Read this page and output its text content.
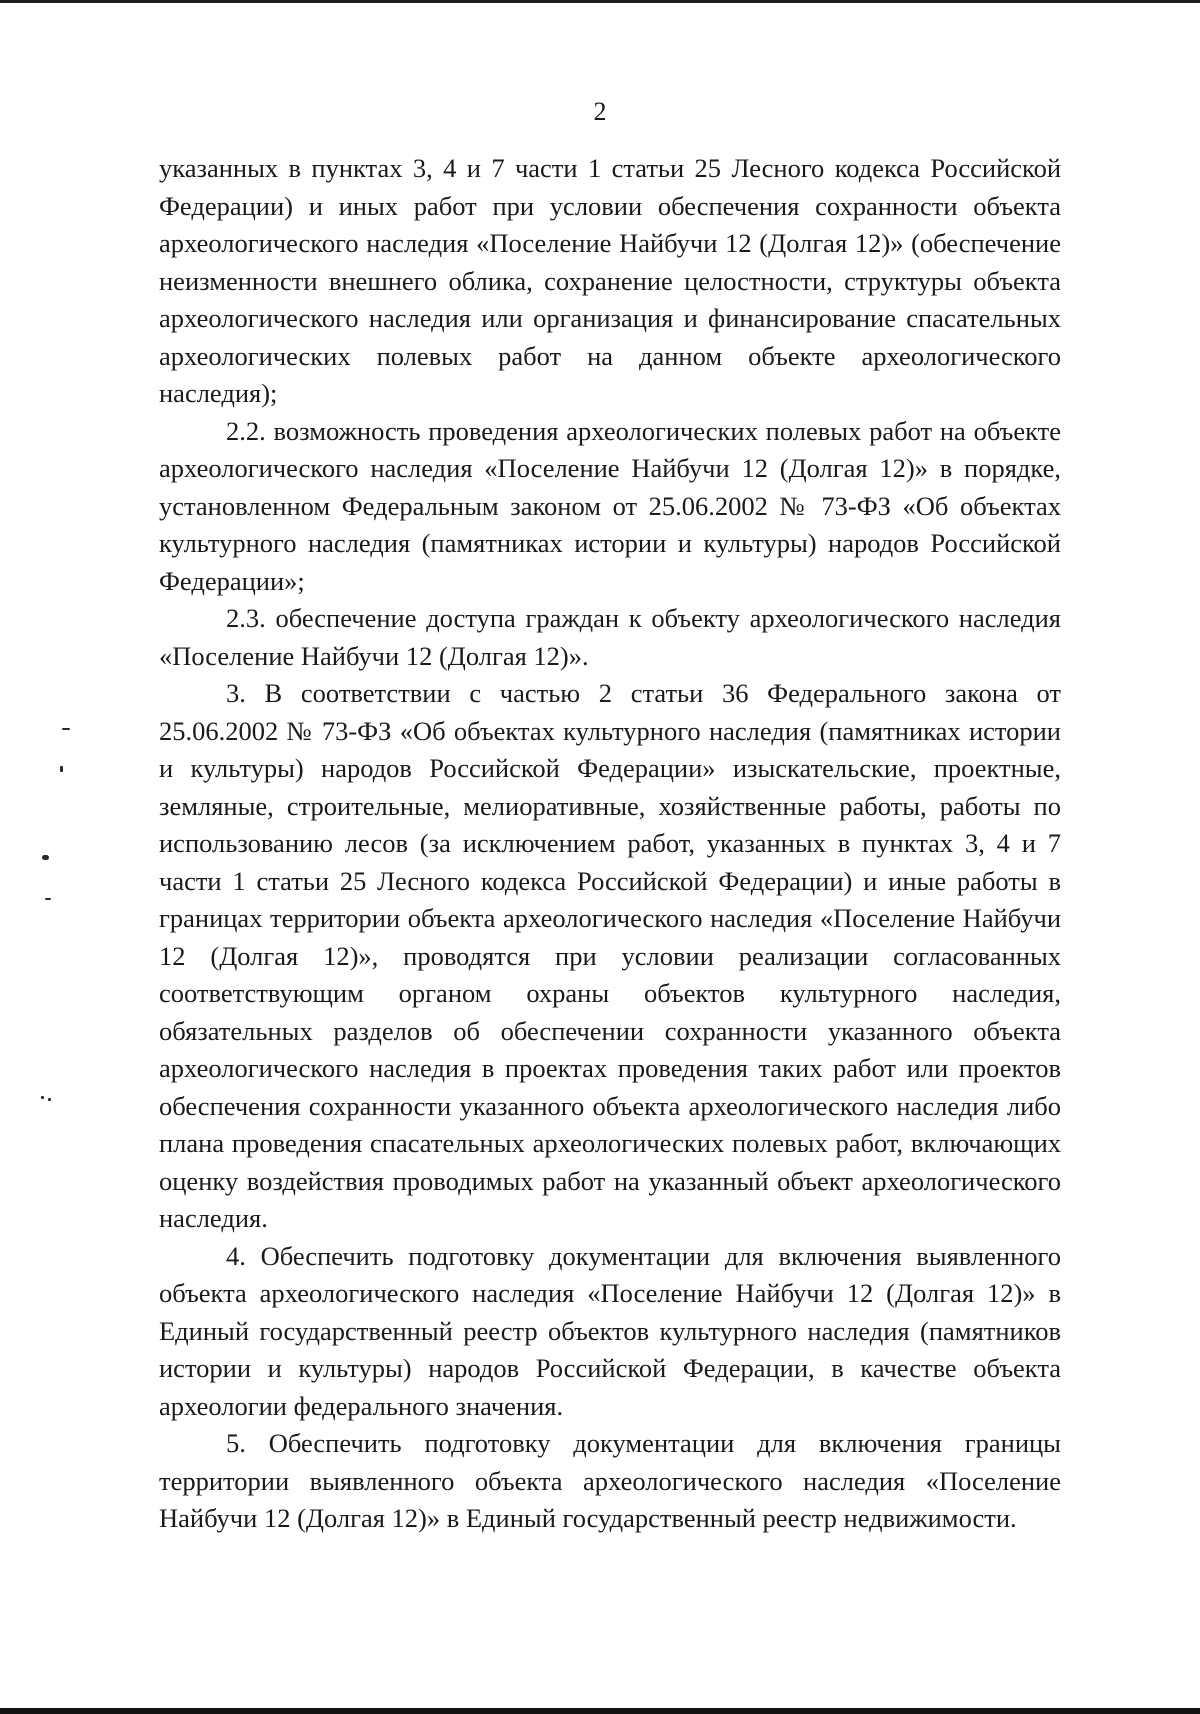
2

указанных в пунктах 3, 4 и 7 части 1 статьи 25 Лесного кодекса Российской Федерации) и иных работ при условии обеспечения сохранности объекта археологического наследия «Поселение Найбучи 12 (Долгая 12)» (обеспечение неизменности внешнего облика, сохранение целостности, структуры объекта археологического наследия или организация и финансирование спасательных археологических полевых работ на данном объекте археологического наследия);

2.2. возможность проведения археологических полевых работ на объекте археологического наследия «Поселение Найбучи 12 (Долгая 12)» в порядке, установленном Федеральным законом от 25.06.2002 № 73-ФЗ «Об объектах культурного наследия (памятниках истории и культуры) народов Российской Федерации»;

2.3. обеспечение доступа граждан к объекту археологического наследия «Поселение Найбучи 12 (Долгая 12)».

3. В соответствии с частью 2 статьи 36 Федерального закона от 25.06.2002 № 73-ФЗ «Об объектах культурного наследия (памятниках истории и культуры) народов Российской Федерации» изыскательские, проектные, земляные, строительные, мелиоративные, хозяйственные работы, работы по использованию лесов (за исключением работ, указанных в пунктах 3, 4 и 7 части 1 статьи 25 Лесного кодекса Российской Федерации) и иные работы в границах территории объекта археологического наследия «Поселение Найбучи 12 (Долгая 12)», проводятся при условии реализации согласованных соответствующим органом охраны объектов культурного наследия, обязательных разделов об обеспечении сохранности указанного объекта археологического наследия в проектах проведения таких работ или проектов обеспечения сохранности указанного объекта археологического наследия либо плана проведения спасательных археологических полевых работ, включающих оценку воздействия проводимых работ на указанный объект археологического наследия.

4. Обеспечить подготовку документации для включения выявленного объекта археологического наследия «Поселение Найбучи 12 (Долгая 12)» в Единый государственный реестр объектов культурного наследия (памятников истории и культуры) народов Российской Федерации, в качестве объекта археологии федерального значения.

5. Обеспечить подготовку документации для включения границы территории выявленного объекта археологического наследия «Поселение Найбучи 12 (Долгая 12)» в Единый государственный реестр недвижимости.
